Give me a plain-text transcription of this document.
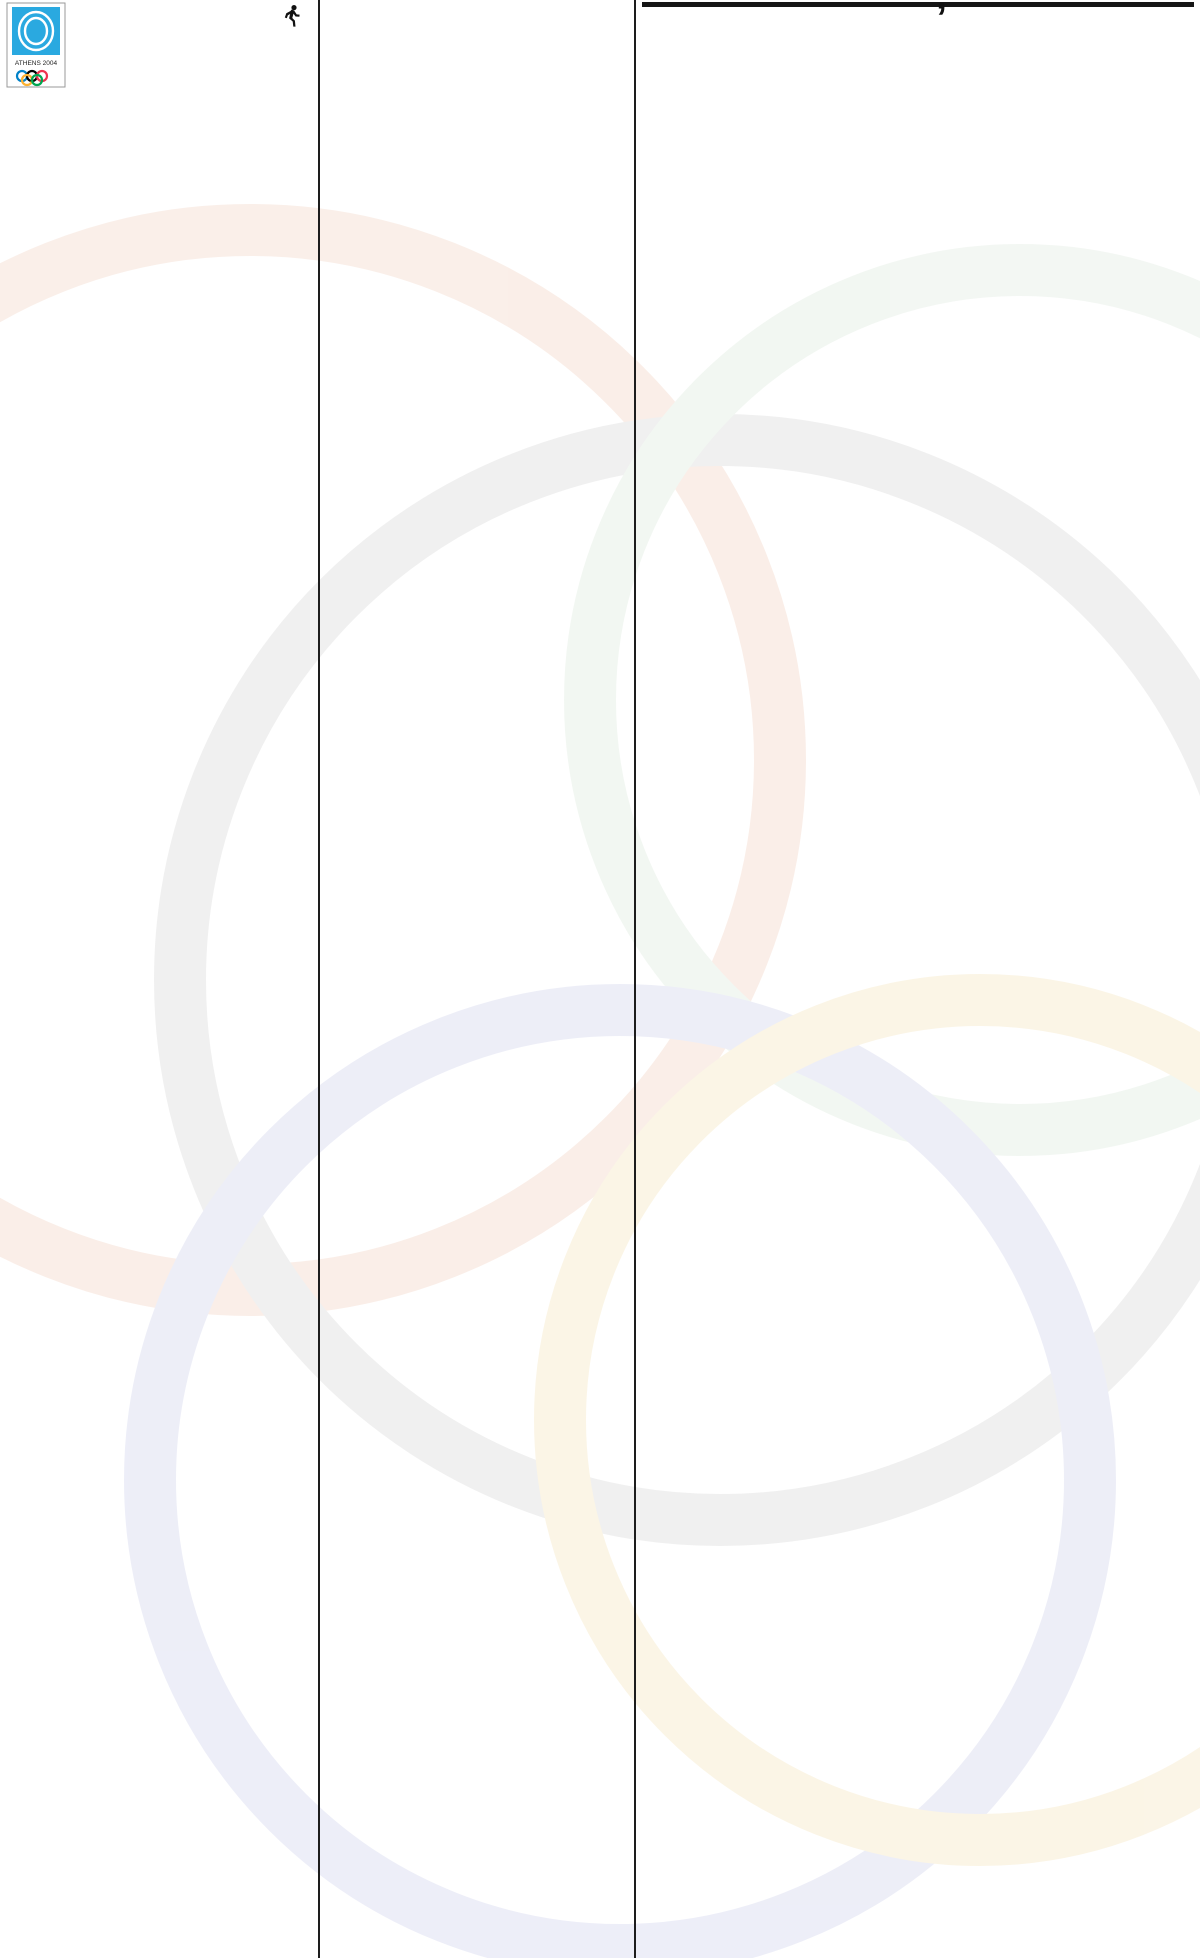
ATHENS 2004
’
